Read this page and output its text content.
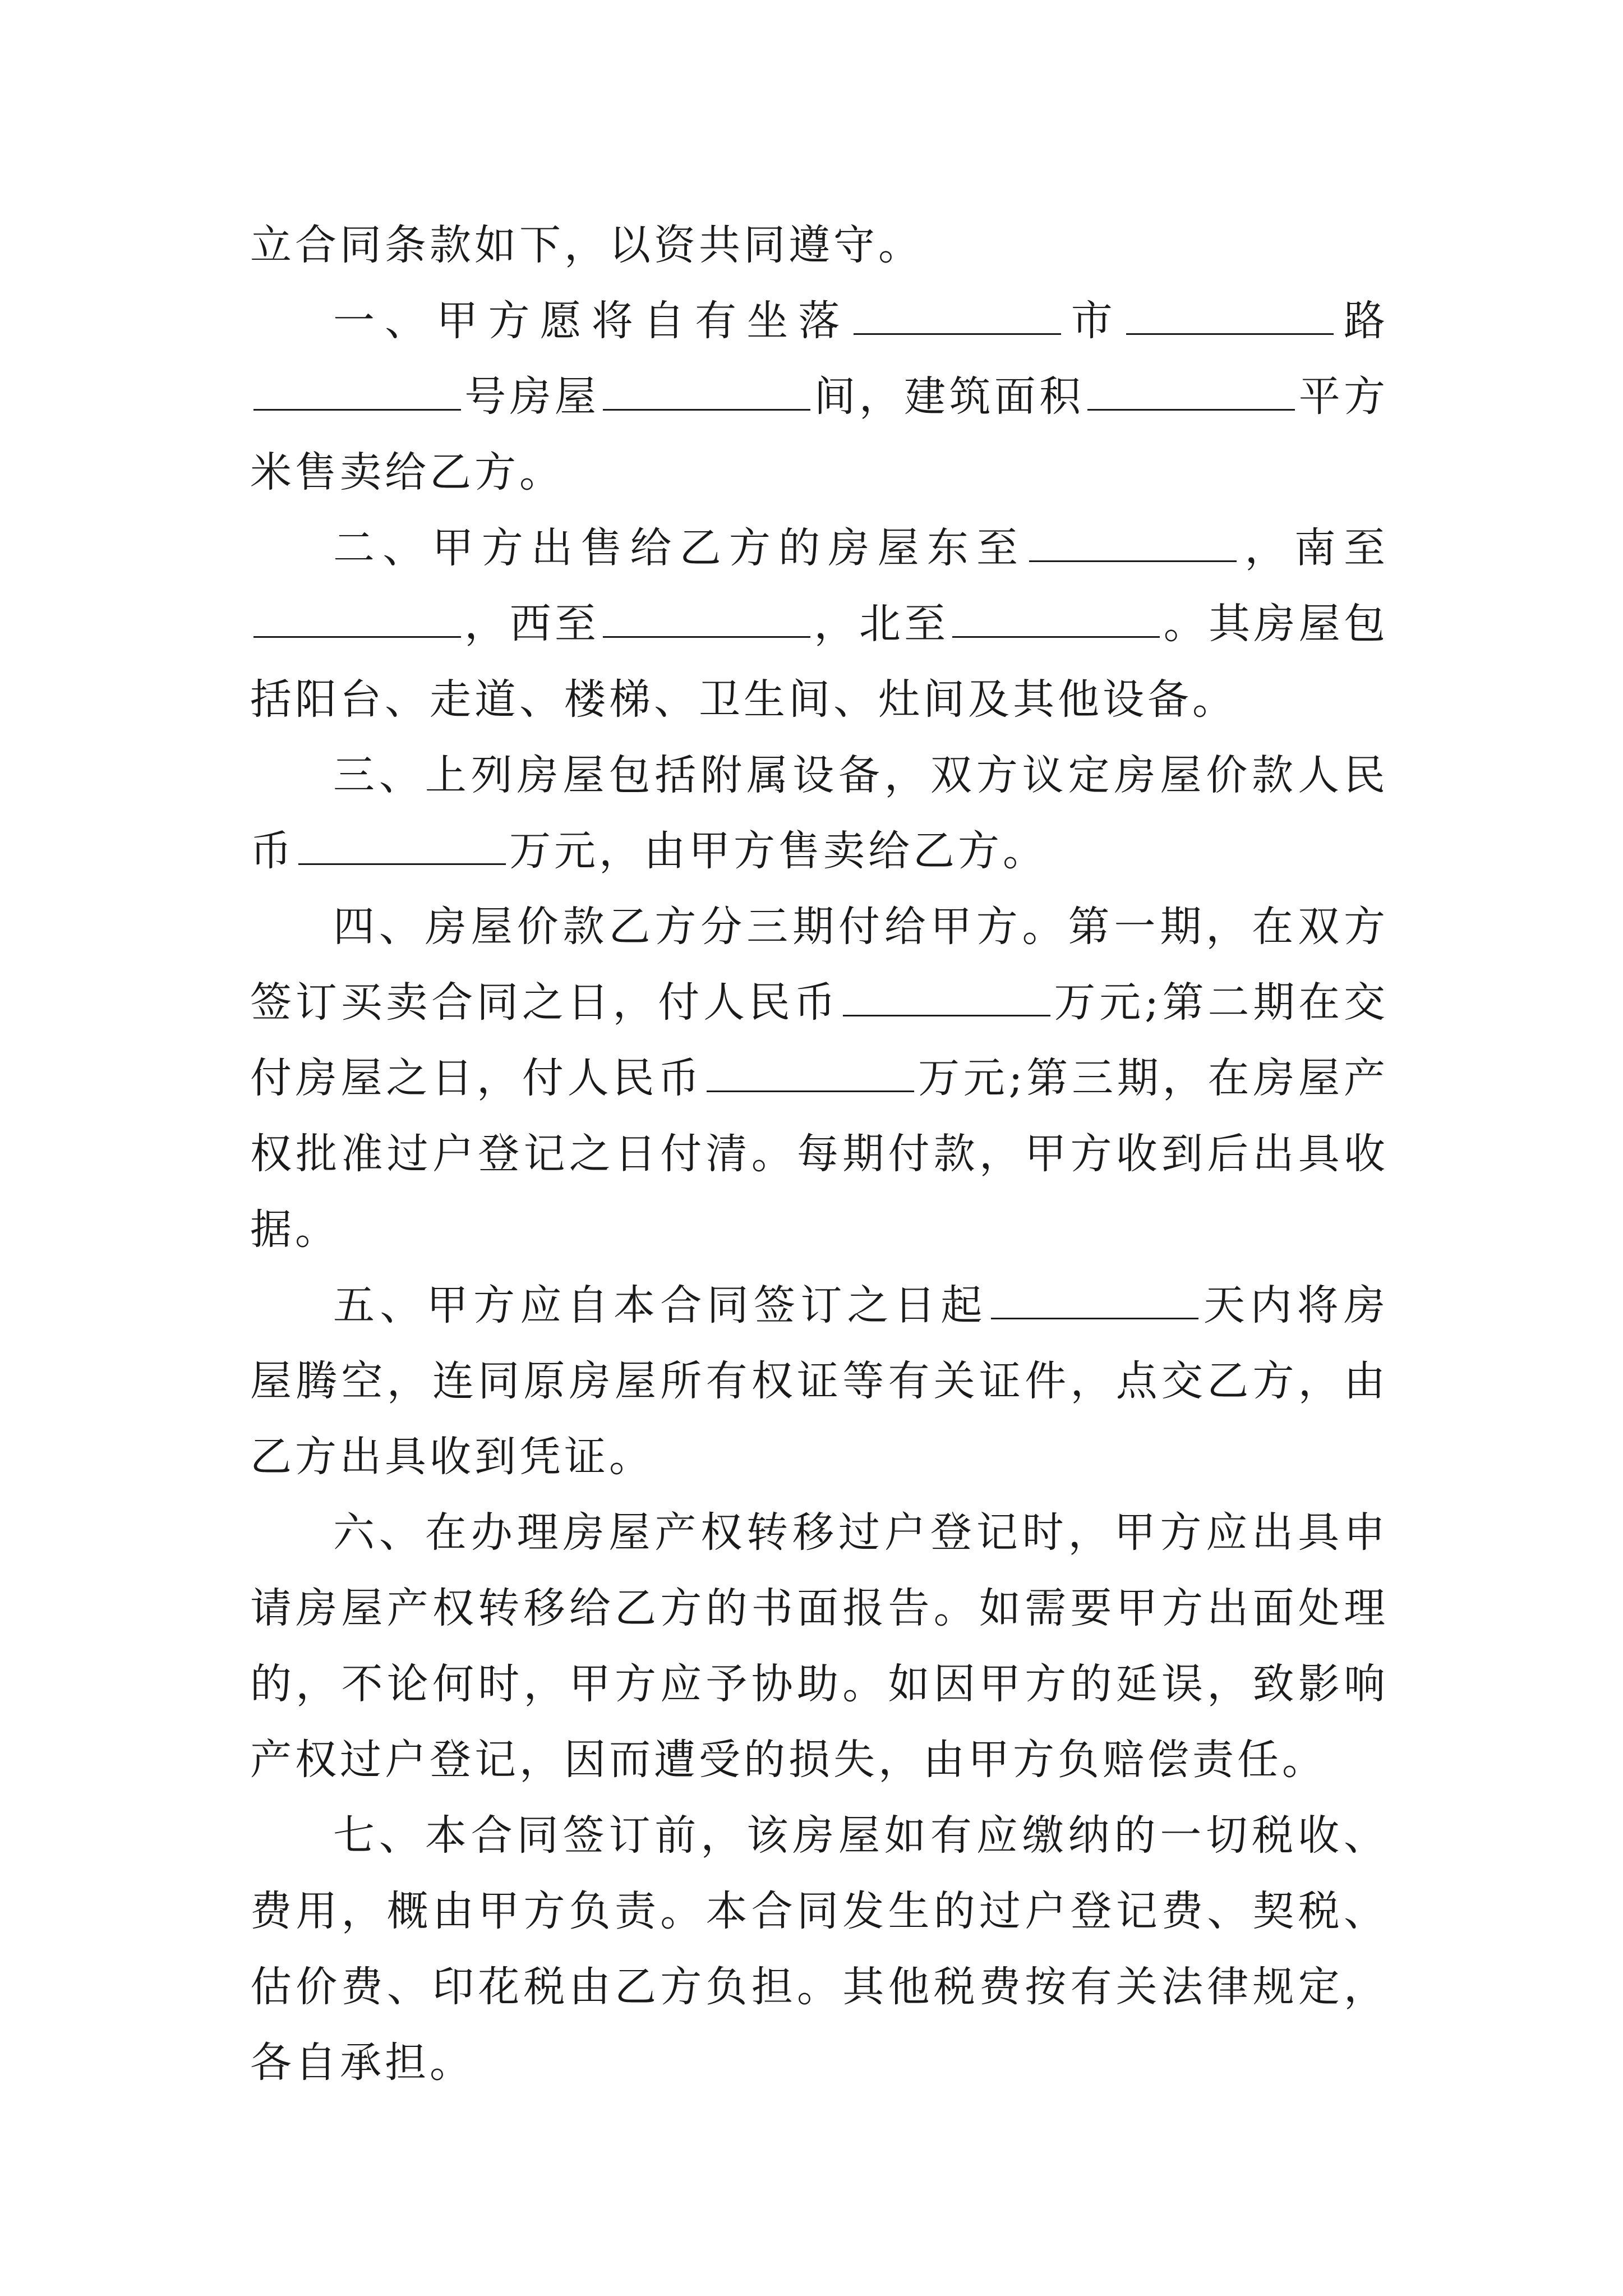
立合同条款如下，以资共同遵守。

一、甲方愿将自有坐落	市	路号房屋	间，建筑面积	平方米售卖给乙方。

二、甲方出售给乙方的房屋东至	，南至，西至	，北至	。其房屋包括阳台、走道、楼梯、卫生间、灶间及其他设备。

三、上列房屋包括附属设备，双方议定房屋价款人民币	万元，由甲方售卖给乙方。

四、房屋价款乙方分三期付给甲方。第一期，在双方签订买卖合同之日，付人民币	万元;第二期在交付房屋之日，付人民币	万元;第三期，在房屋产权批准过户登记之日付清。每期付款，甲方收到后出具收据。

五、甲方应自本合同签订之日起	天内将房屋腾空，连同原房屋所有权证等有关证件，点交乙方，由乙方出具收到凭证。

六、在办理房屋产权转移过户登记时，甲方应出具申请房屋产权转移给乙方的书面报告。如需要甲方出面处理的，不论何时，甲方应予协助。如因甲方的延误，致影响产权过户登记，因而遭受的损失，由甲方负赔偿责任。

七、本合同签订前，该房屋如有应缴纳的一切税收、费用，概由甲方负责。本合同发生的过户登记费、契税、估价费、印花税由乙方负担。其他税费按有关法律规定，各自承担。
